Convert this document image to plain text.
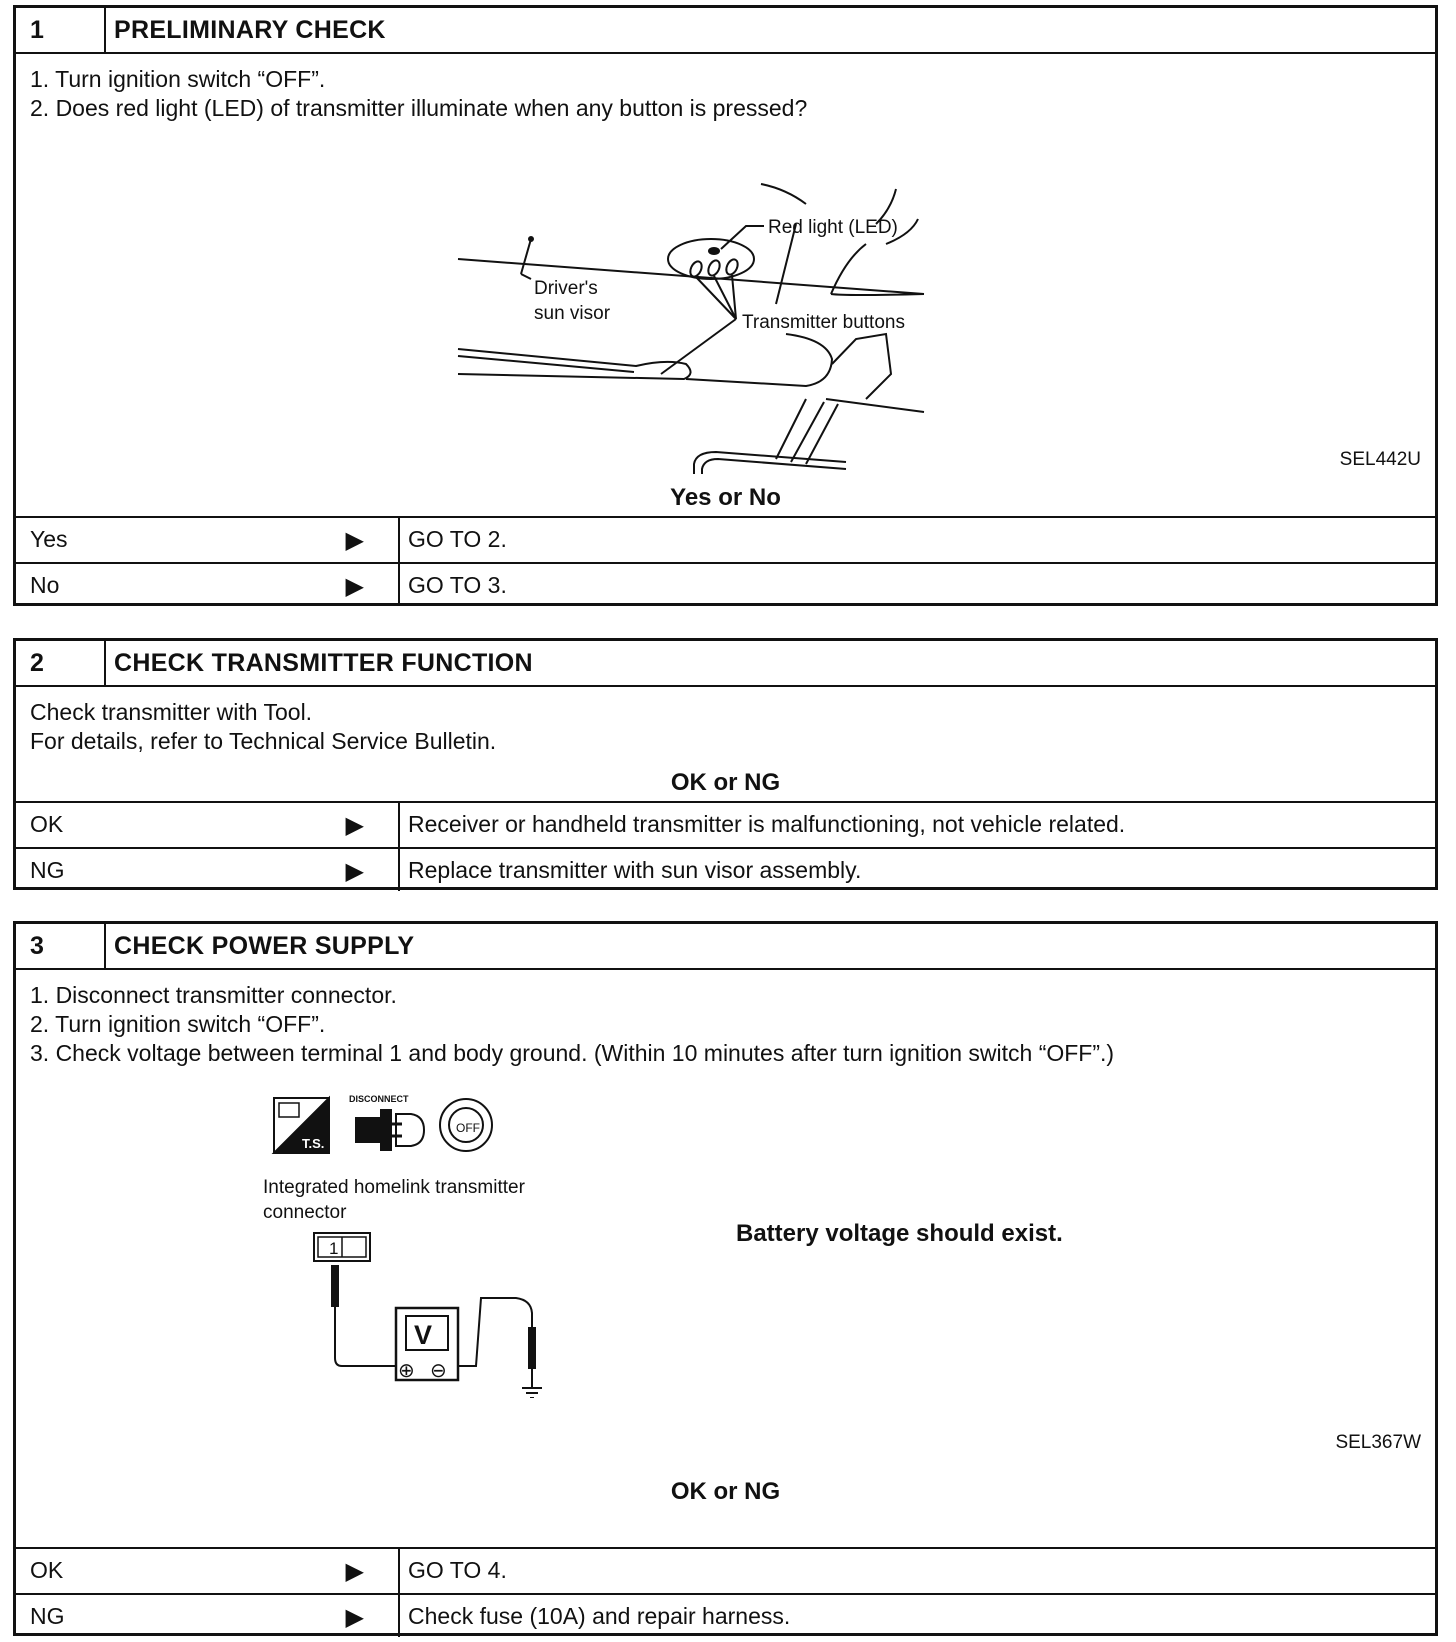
1	PRELIMINARY CHECK
1. Turn ignition switch “OFF”.
2. Does red light (LED) of transmitter illuminate when any button is pressed?
Red light (LED)
Driver's
sun visor	Transmitter buttons
SEL442U
Yes or No
Yes	▶	GO TO 2.
No	▶	GO TO 3.
2	CHECK TRANSMITTER FUNCTION
Check transmitter with Tool.
For details, refer to Technical Service Bulletin.
OK or NG
OK	▶	Receiver or handheld transmitter is malfunctioning, not vehicle related.
NG	▶	Replace transmitter with sun visor assembly.
3	CHECK POWER SUPPLY
1. Disconnect transmitter connector.
2. Turn ignition switch “OFF”.
3. Check voltage between terminal 1 and body ground. (Within 10 minutes after turn ignition switch “OFF”.)
T.S.
DISCONNECT
OFF
Integrated homelink transmitter
connector
1
V
⊕ ⊖
Battery voltage should exist.
SEL367W
OK or NG
OK	▶	GO TO 4.
NG	▶	Check fuse (10A) and repair harness.
